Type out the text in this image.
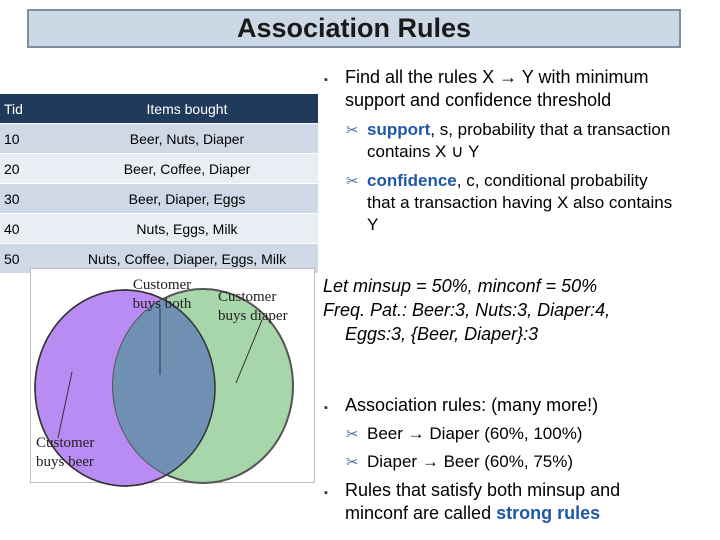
Association Rules
Tid	Items bought
10	Beer, Nuts, Diaper
20	Beer, Coffee, Diaper
30	Beer, Diaper, Eggs
40	Nuts, Eggs, Milk
50	Nuts, Coffee, Diaper, Eggs, Milk
Customer buys both	Customer buys diaper
Customer buys beer
▪ Find all the rules X → Y with minimum
support and confidence threshold
✂ support, s, probability that a transaction
contains X ∪ Y
✂ confidence, c, conditional probability
that a transaction having X also contains
Y
Let minsup = 50%, minconf = 50%
Freq. Pat.: Beer:3, Nuts:3, Diaper:4,
Eggs:3, {Beer, Diaper}:3
▪ Association rules: (many more!)
✂ Beer → Diaper (60%, 100%)
✂ Diaper → Beer (60%, 75%)
▪ Rules that satisfy both minsup and
minconf are called strong rules
